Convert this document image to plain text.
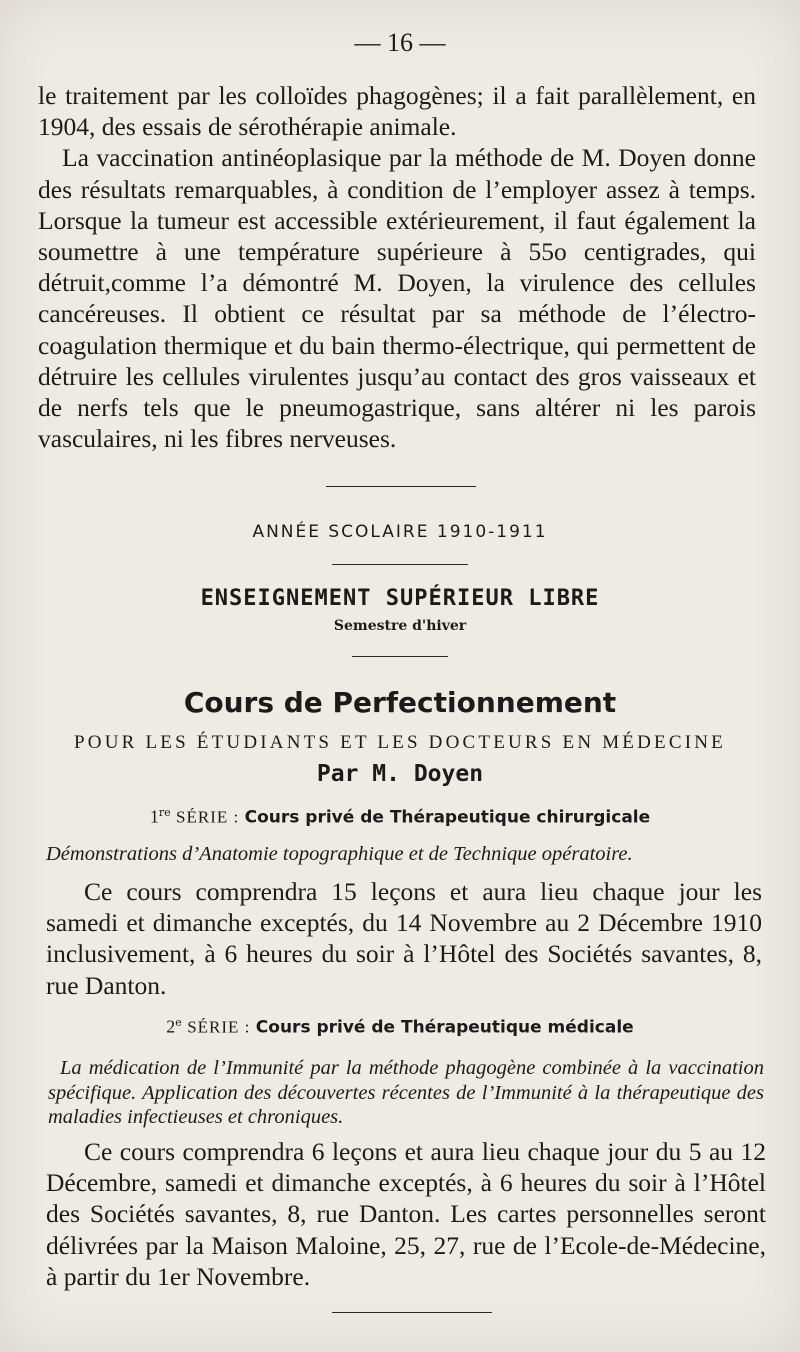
— 16 —

le traitement par les colloïdes phagogènes; il a fait parallèlement, en 1904, des essais de sérothérapie animale.

La vaccination antinéoplasique par la méthode de M. Doyen donne des résultats remarquables, à condition de l’employer assez à temps. Lorsque la tumeur est accessible extérieurement, il faut également la soumettre à une température supérieure à 55o centigrades, qui détruit,comme l’a démontré M. Doyen, la virulence des cellules cancéreuses. Il obtient ce résultat par sa méthode de l’électro-coagulation thermique et du bain thermo-électrique, qui permettent de détruire les cellules virulentes jusqu’au contact des gros vaisseaux et de nerfs tels que le pneumogastrique, sans altérer ni les parois vasculaires, ni les fibres nerveuses.

ANNÉE SCOLAIRE 1910-1911
ENSEIGNEMENT SUPÉRIEUR LIBRE
Semestre d'hiver
Cours de Perfectionnement
POUR LES ÉTUDIANTS ET LES DOCTEURS EN MÉDECINE
Par M. Doyen
1re SÉRIE : Cours privé de Thérapeutique chirurgicale
Démonstrations d’Anatomie topographique et de Technique opératoire.
Ce cours comprendra 15 leçons et aura lieu chaque jour les samedi et dimanche exceptés, du 14 Novembre au 2 Décembre 1910 inclusivement, à 6 heures du soir à l’Hôtel des Sociétés savantes, 8, rue Danton.
2e SÉRIE : Cours privé de Thérapeutique médicale
La médication de l’Immunité par la méthode phagogène combinée à la vaccination spécifique. Application des découvertes récentes de l’Immunité à la thérapeutique des maladies infectieuses et chroniques.
Ce cours comprendra 6 leçons et aura lieu chaque jour du 5 au 12 Décembre, samedi et dimanche exceptés, à 6 heures du soir à l’Hôtel des Sociétés savantes, 8, rue Danton. Les cartes personnelles seront délivrées par la Maison Maloine, 25, 27, rue de l’Ecole-de-Médecine, à partir du 1er Novembre.
